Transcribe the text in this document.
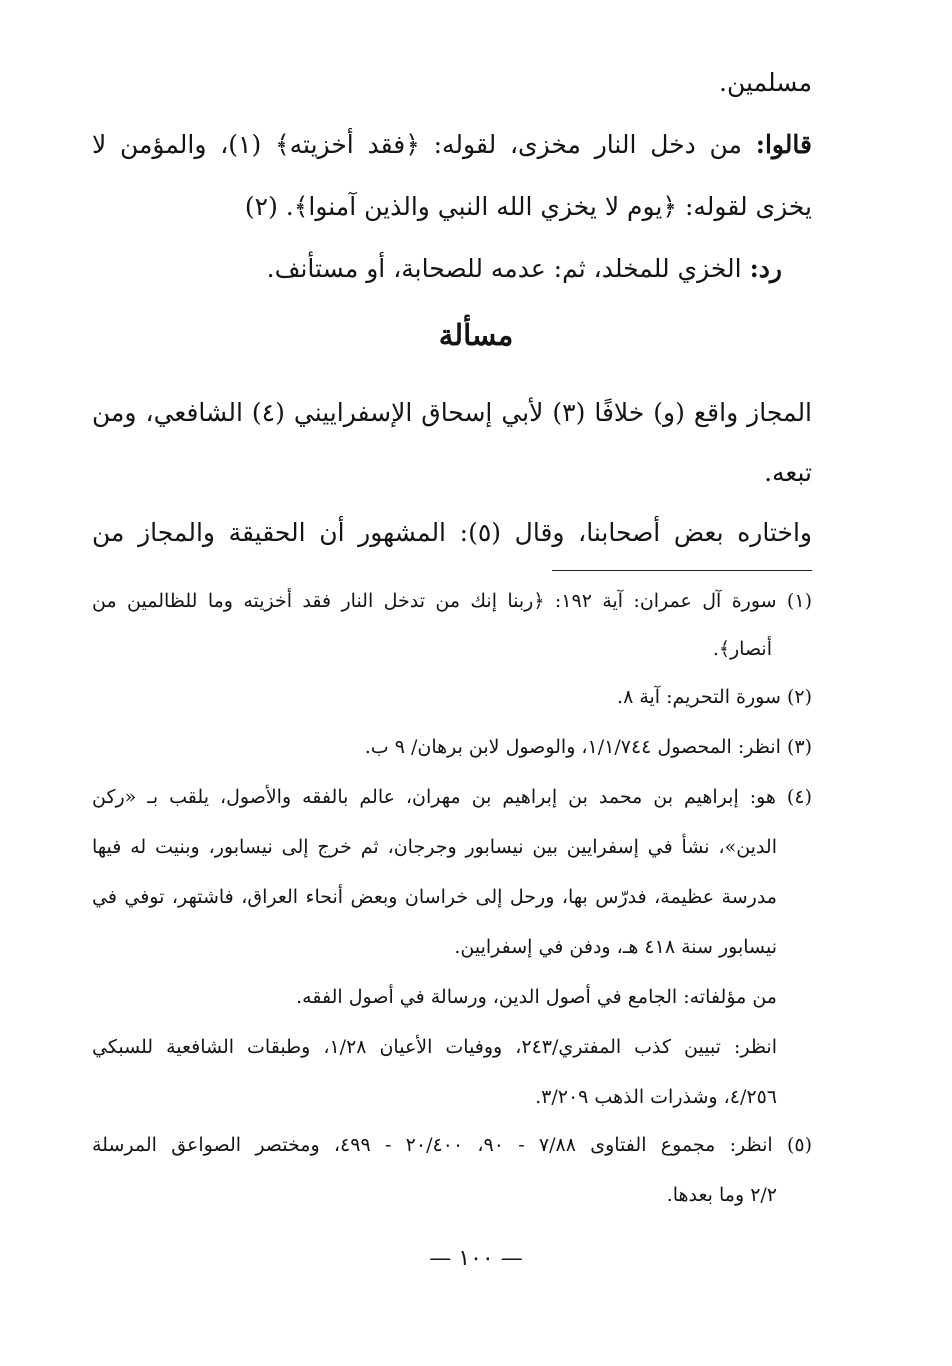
مسلمين.
قالوا: من دخل النار مخزى، لقوله: ﴿فقد أخزيته﴾ (١)، والمؤمن لا
يخزى لقوله: ﴿يوم لا يخزي الله النبي والذين آمنوا﴾. (٢)
رد: الخزي للمخلد، ثم: عدمه للصحابة، أو مستأنف.
مسألة
المجاز واقع (و) خلافًا (٣) لأبي إسحاق الإسفراييني (٤) الشافعي، ومن
تبعه.
واختاره بعض أصحابنا، وقال (٥): المشهور أن الحقيقة والمجاز من
(١) سورة آل عمران: آية ١٩٢: ﴿ربنا إنك من تدخل النار فقد أخزيته وما للظالمين من
أنصار﴾.
(٢) سورة التحريم: آية ٨.
(٣) انظر: المحصول ١/١/٧٤٤، والوصول لابن برهان/ ٩ ب.
(٤) هو: إبراهيم بن محمد بن إبراهيم بن مهران، عالم بالفقه والأصول، يلقب بـ «ركن
الدين»، نشأ في إسفرايين بين نيسابور وجرجان، ثم خرج إلى نيسابور، وبنيت له فيها
مدرسة عظيمة، فدرّس بها، ورحل إلى خراسان وبعض أنحاء العراق، فاشتهر، توفي في
نيسابور سنة ٤١٨ هـ، ودفن في إسفرايين.
من مؤلفاته: الجامع في أصول الدين، ورسالة في أصول الفقه.
انظر: تبيين كذب المفتري/٢٤٣، ووفيات الأعيان ١/٢٨، وطبقات الشافعية للسبكي
٤/٢٥٦، وشذرات الذهب ٣/٢٠٩.
(٥) انظر: مجموع الفتاوى ٧/٨٨ - ٩٠، ٢٠/٤٠٠ - ٤٩٩، ومختصر الصواعق المرسلة
٢/٢ وما بعدها.
— ١٠٠ —
